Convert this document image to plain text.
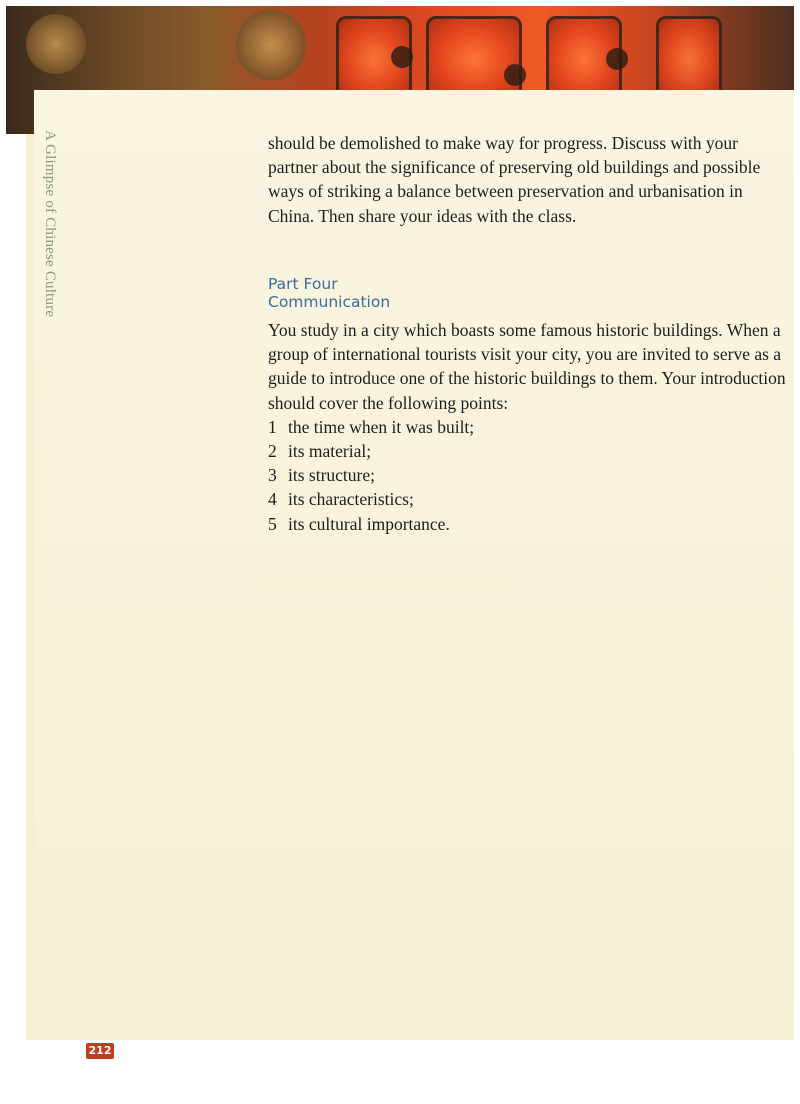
A Glimpse of Chinese Culture	should be demolished to make way for progress. Discuss with your partner about the significance of preserving old buildings and possible ways of striking a balance between preservation and urbanisation in China. Then share your ideas with the class.

Part Four
Communication

You study in a city which boasts some famous historic buildings. When a group of international tourists visit your city, you are invited to serve as a guide to introduce one of the historic buildings to them. Your introduction should cover the following points:

1 the time when it was built;
2 its material;
3 its structure;
4 its characteristics;
5 its cultural importance.
212
